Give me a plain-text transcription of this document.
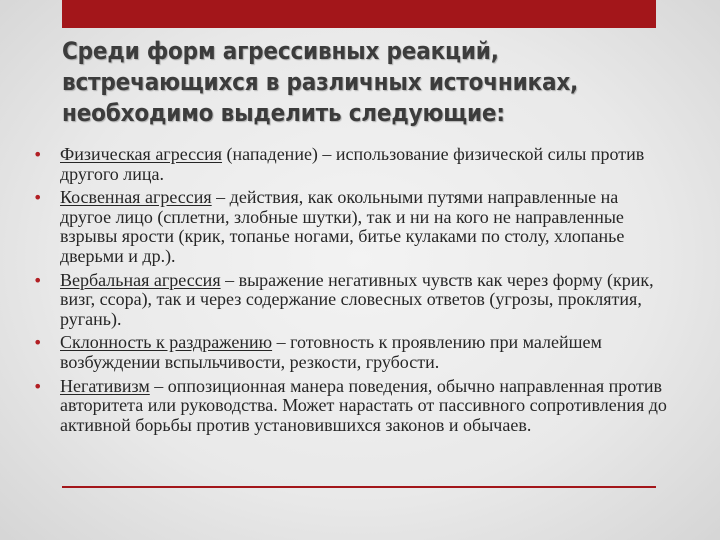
Среди форм агрессивных реакций,
встречающихся в различных источниках,
необходимо выделить следующие:
• Физическая агрессия (нападение) – использование физической силы против другого лица.
• Косвенная агрессия – действия, как окольными путями направленные на другое лицо (сплетни, злобные шутки), так и ни на кого не направленные взрывы ярости (крик, топанье ногами, битье кулаками по столу, хлопанье дверьми и др.).
• Вербальная агрессия – выражение негативных чувств как через форму (крик, визг, ссора), так и через содержание словесных ответов (угрозы, проклятия, ругань).
• Склонность к раздражению – готовность к проявлению при малейшем возбуждении вспыльчивости, резкости, грубости.
• Негативизм – оппозиционная манера поведения, обычно направленная против авторитета или руководства. Может нарастать от пассивного сопротивления до активной борьбы против установившихся законов и обычаев.
